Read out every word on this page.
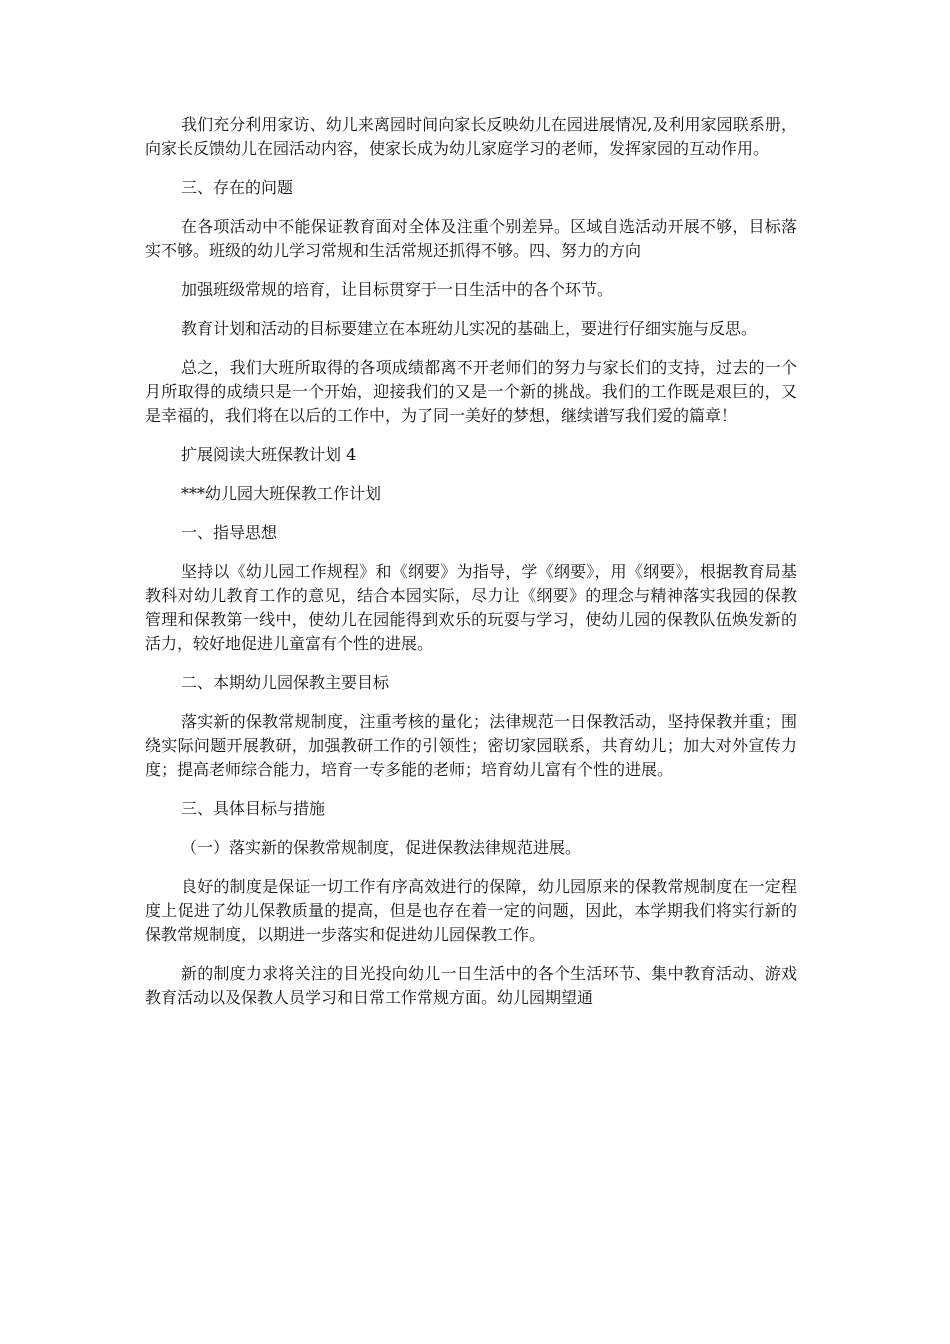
我们充分利用家访、幼儿来离园时间向家长反映幼儿在园进展情况,及利用家园联系册，向家长反馈幼儿在园活动内容，使家长成为幼儿家庭学习的老师，发挥家园的互动作用。

三、存在的问题

在各项活动中不能保证教育面对全体及注重个别差异。区域自选活动开展不够，目标落实不够。班级的幼儿学习常规和生活常规还抓得不够。四、努力的方向

加强班级常规的培育，让目标贯穿于一日生活中的各个环节。

教育计划和活动的目标要建立在本班幼儿实况的基础上，要进行仔细实施与反思。

总之，我们大班所取得的各项成绩都离不开老师们的努力与家长们的支持，过去的一个月所取得的成绩只是一个开始，迎接我们的又是一个新的挑战。我们的工作既是艰巨的，又是幸福的，我们将在以后的工作中，为了同一美好的梦想，继续谱写我们爱的篇章！

扩展阅读大班保教计划 4

***幼儿园大班保教工作计划

一、指导思想

坚持以《幼儿园工作规程》和《纲要》为指导，学《纲要》，用《纲要》，根据教育局基教科对幼儿教育工作的意见，结合本园实际，尽力让《纲要》的理念与精神落实我园的保教管理和保教第一线中，使幼儿在园能得到欢乐的玩耍与学习，使幼儿园的保教队伍焕发新的活力，较好地促进儿童富有个性的进展。

二、本期幼儿园保教主要目标

落实新的保教常规制度，注重考核的量化；法律规范一日保教活动，坚持保教并重；围绕实际问题开展教研，加强教研工作的引领性；密切家园联系，共育幼儿；加大对外宣传力度；提高老师综合能力，培育一专多能的老师；培育幼儿富有个性的进展。

三、具体目标与措施

（一）落实新的保教常规制度，促进保教法律规范进展。

良好的制度是保证一切工作有序高效进行的保障，幼儿园原来的保教常规制度在一定程度上促进了幼儿保教质量的提高，但是也存在着一定的问题，因此，本学期我们将实行新的保教常规制度，以期进一步落实和促进幼儿园保教工作。

新的制度力求将关注的目光投向幼儿一日生活中的各个生活环节、集中教育活动、游戏教育活动以及保教人员学习和日常工作常规方面。幼儿园期望通
